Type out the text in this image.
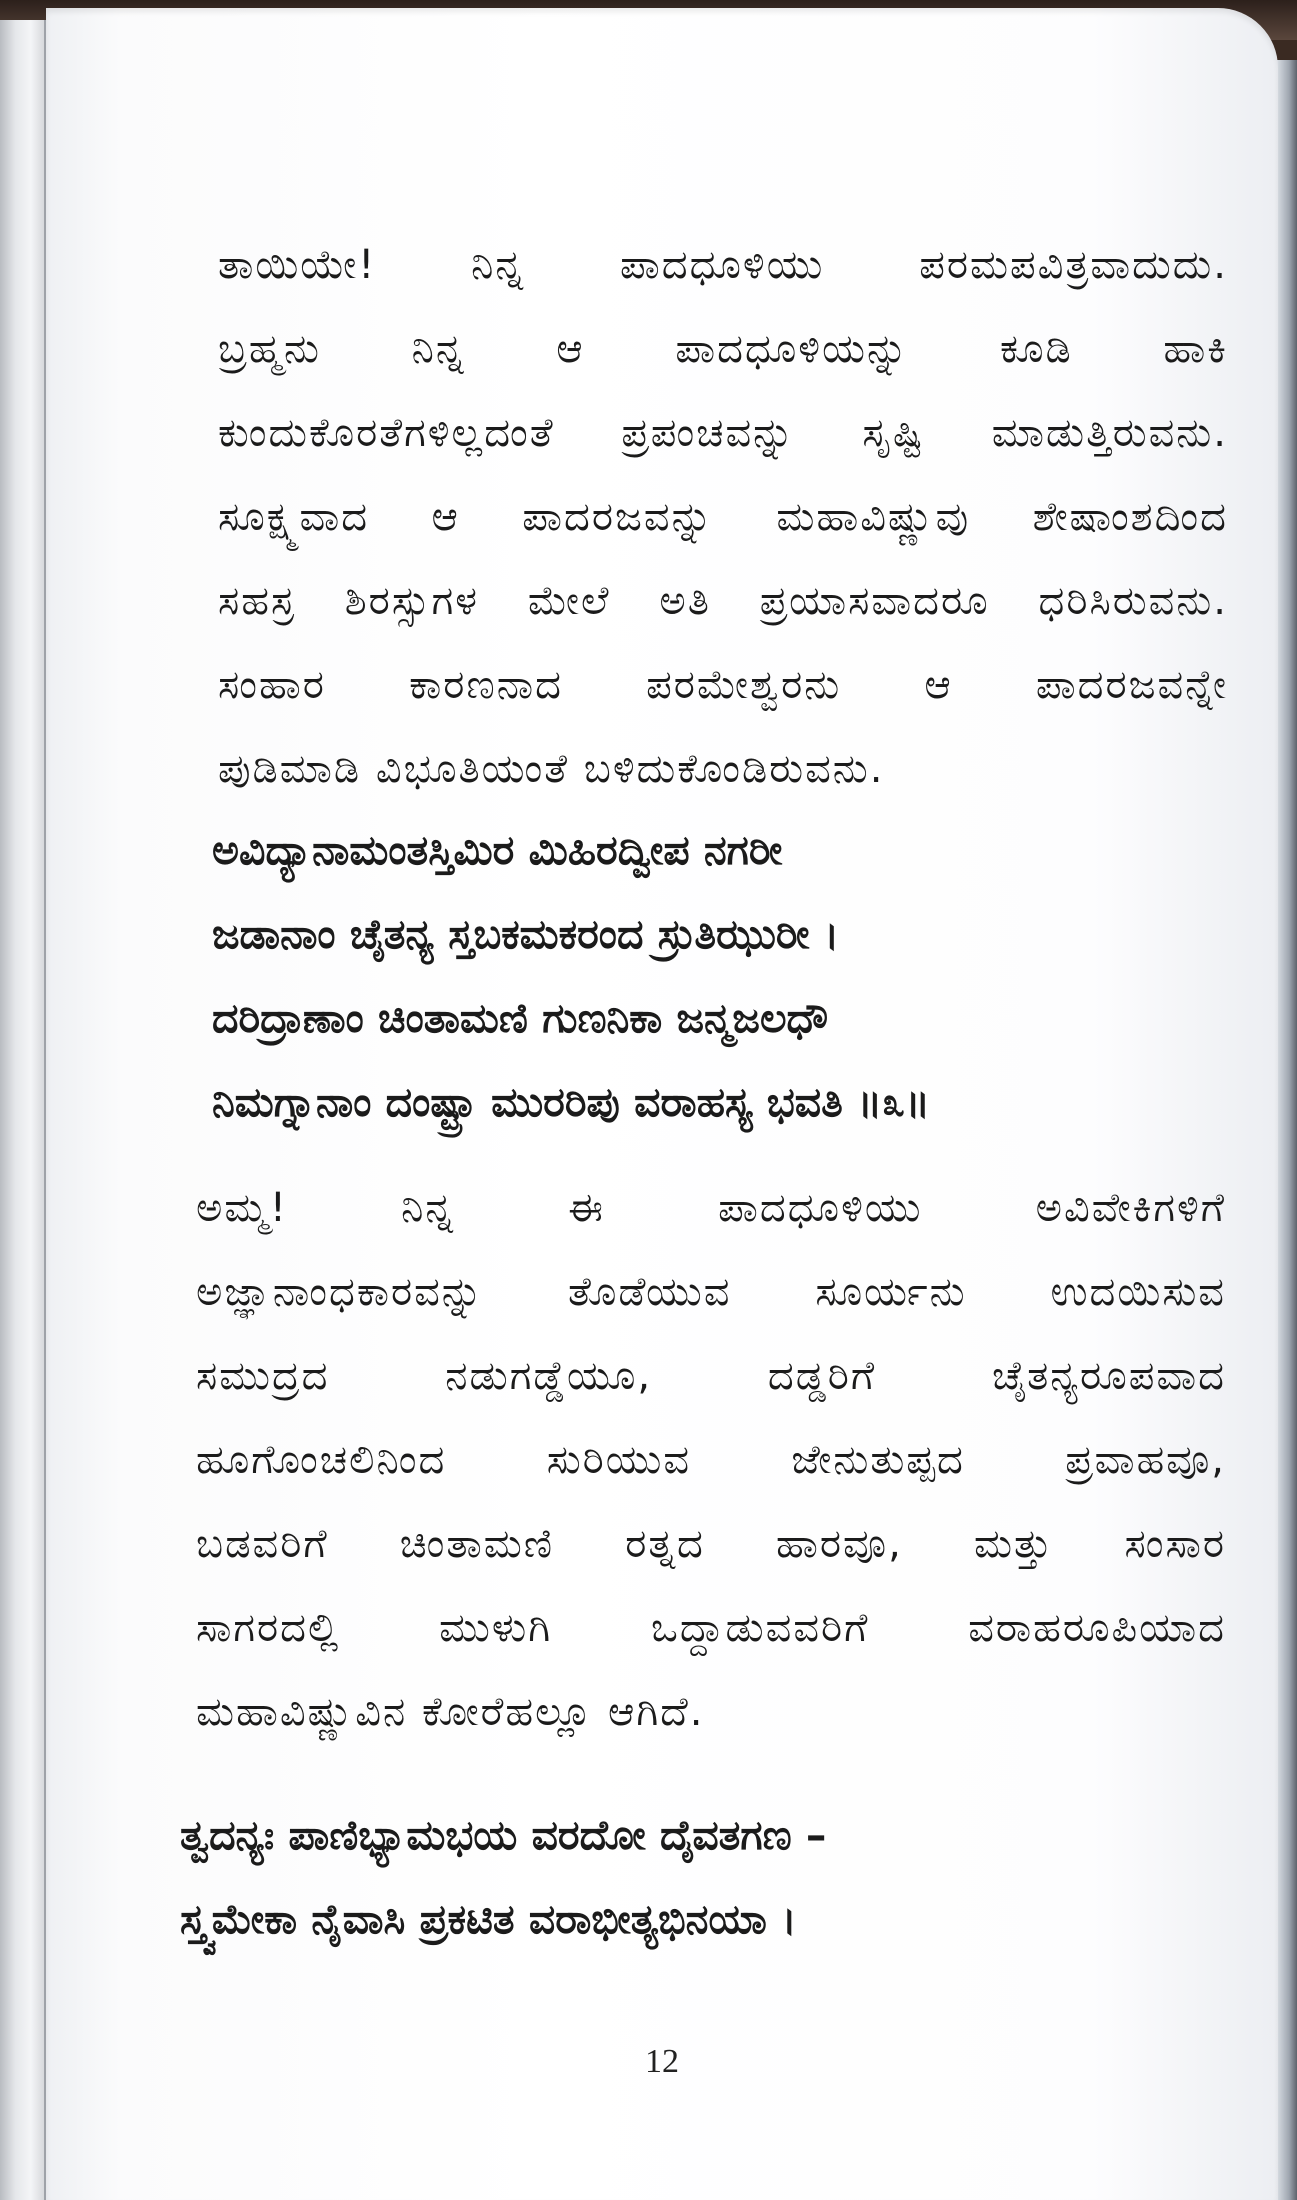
ತಾಯಿಯೇ! ನಿನ್ನ ಪಾದಧೂಳಿಯು ಪರಮಪವಿತ್ರವಾದುದು.
ಬ್ರಹ್ಮನು ನಿನ್ನ ಆ ಪಾದಧೂಳಿಯನ್ನು ಕೂಡಿ ಹಾಕಿ
ಕುಂದುಕೊರತೆಗಳಿಲ್ಲದಂತೆ ಪ್ರಪಂಚವನ್ನು ಸೃಷ್ಟಿ ಮಾಡುತ್ತಿರುವನು.
ಸೂಕ್ಷ್ಮವಾದ ಆ ಪಾದರಜವನ್ನು ಮಹಾವಿಷ್ಣುವು ಶೇಷಾಂಶದಿಂದ
ಸಹಸ್ರ ಶಿರಸ್ಸುಗಳ ಮೇಲೆ ಅತಿ ಪ್ರಯಾಸವಾದರೂ ಧರಿಸಿರುವನು.
ಸಂಹಾರ ಕಾರಣನಾದ ಪರಮೇಶ್ವರನು ಆ ಪಾದರಜವನ್ನೇ
ಪುಡಿಮಾಡಿ ವಿಭೂತಿಯಂತೆ ಬಳಿದುಕೊಂಡಿರುವನು.
ಅವಿದ್ಯಾನಾಮಂತಸ್ತಿಮಿರ ಮಿಹಿರದ್ವೀಪ ನಗರೀ
ಜಡಾನಾಂ ಚೈತನ್ಯ ಸ್ತಬಕಮಕರಂದ ಸ್ರುತಿಝುರೀ ।
ದರಿದ್ರಾಣಾಂ ಚಿಂತಾಮಣಿ ಗುಣನಿಕಾ ಜನ್ಮಜಲಧೌ
ನಿಮಗ್ನಾನಾಂ ದಂಷ್ಟ್ರಾ ಮುರರಿಪು ವರಾಹಸ್ಯ ಭವತಿ ॥೩॥
ಅಮ್ಮ! ನಿನ್ನ ಈ ಪಾದಧೂಳಿಯು ಅವಿವೇಕಿಗಳಿಗೆ
ಅಜ್ಞಾನಾಂಧಕಾರವನ್ನು ತೊಡೆಯುವ ಸೂರ್ಯನು ಉದಯಿಸುವ
ಸಮುದ್ರದ ನಡುಗಡ್ಡೆಯೂ, ದಡ್ಡರಿಗೆ ಚೈತನ್ಯರೂಪವಾದ
ಹೂಗೊಂಚಲಿನಿಂದ ಸುರಿಯುವ ಜೇನುತುಪ್ಪದ ಪ್ರವಾಹವೂ,
ಬಡವರಿಗೆ ಚಿಂತಾಮಣಿ ರತ್ನದ ಹಾರವೂ, ಮತ್ತು ಸಂಸಾರ
ಸಾಗರದಲ್ಲಿ ಮುಳುಗಿ ಒದ್ದಾಡುವವರಿಗೆ ವರಾಹರೂಪಿಯಾದ
ಮಹಾವಿಷ್ಣುವಿನ ಕೋರೆಹಲ್ಲೂ ಆಗಿದೆ.
ತ್ವದನ್ಯಃ ಪಾಣಿಭ್ಯಾಮಭಯ ವರದೋ ದೈವತಗಣ –
ಸ್ತ್ವಮೇಕಾ ನೈವಾಸಿ ಪ್ರಕಟಿತ ವರಾಭೀತ್ಯಭಿನಯಾ ।
12
